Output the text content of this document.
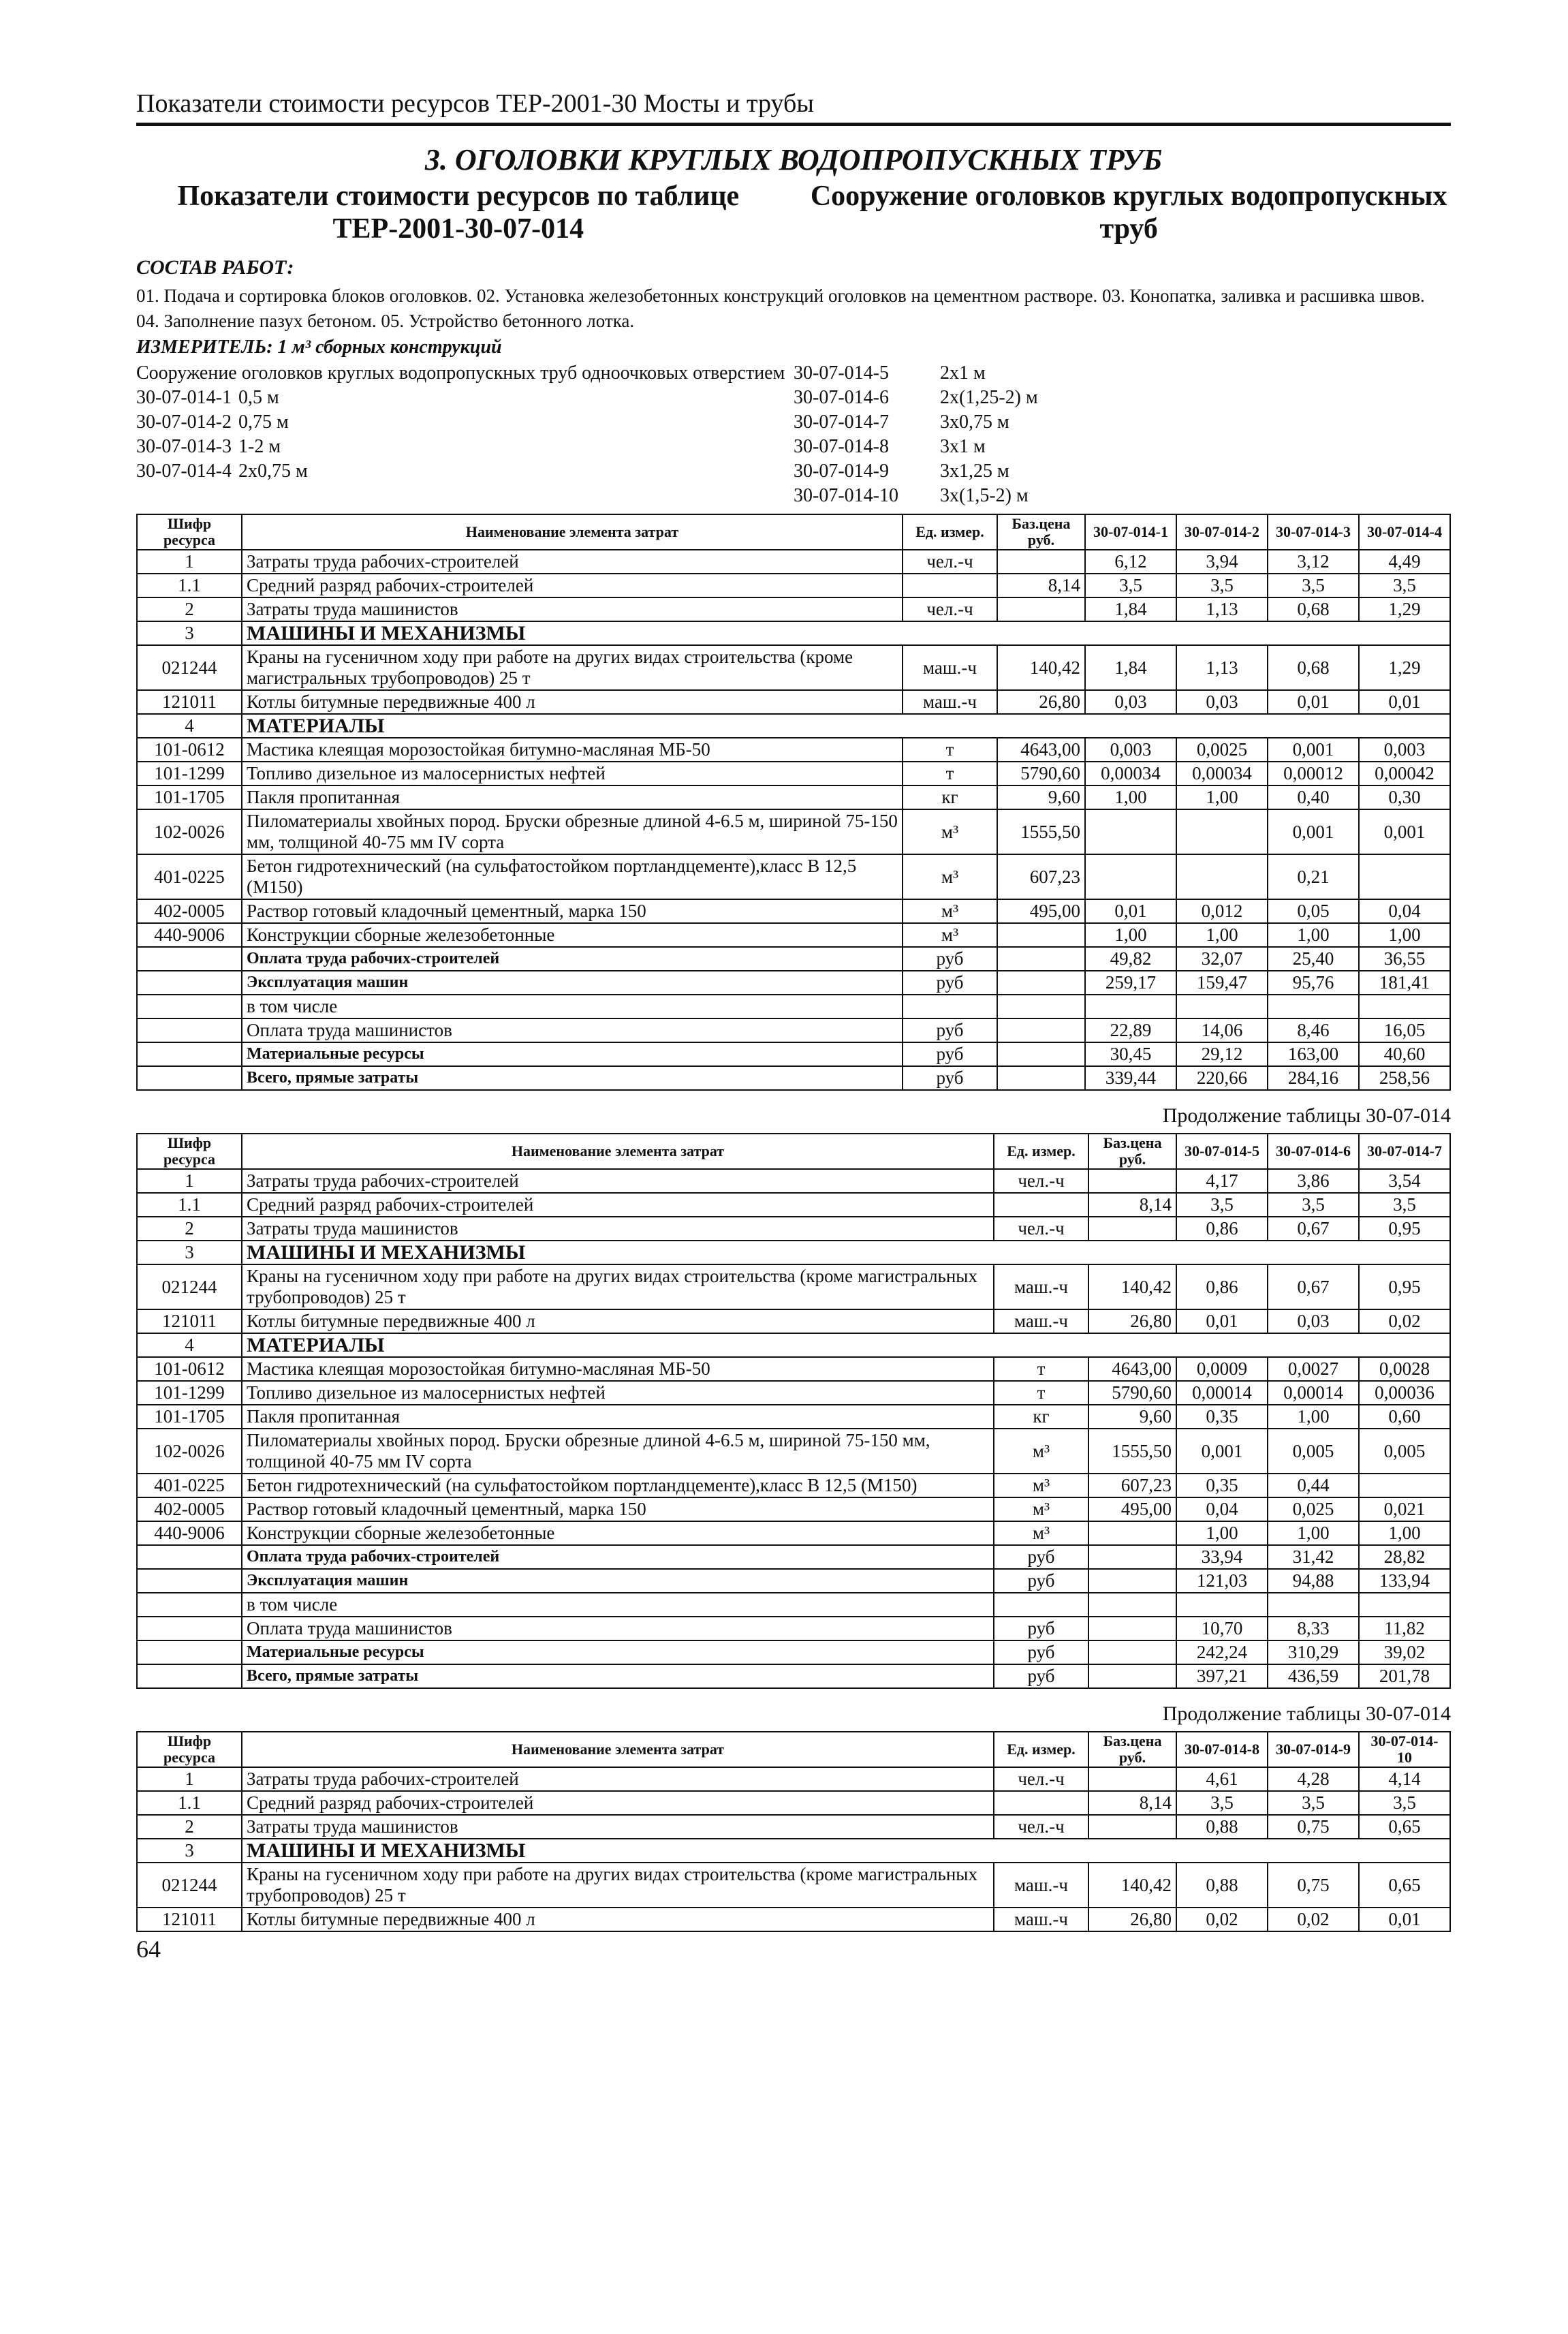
Показатели стоимости ресурсов ТЕР-2001-30 Мосты и трубы
3. ОГОЛОВКИ КРУГЛЫХ ВОДОПРОПУСКНЫХ ТРУБ
Показатели стоимости ресурсов по таблице ТЕР-2001-30-07-014
Сооружение оголовков круглых водопропускных труб
СОСТАВ РАБОТ:
01. Подача и сортировка блоков оголовков. 02. Установка железобетонных конструкций оголовков на цементном растворе. 03. Конопатка, заливка и расшивка швов. 04. Заполнение пазух бетоном. 05. Устройство бетонного лотка.
ИЗМЕРИТЕЛЬ: 1 м³ сборных конструкций
Сооружение оголовков круглых водопропускных труб одноочковых отверстием
30-07-014-1 0,5 м
30-07-014-2 0,75 м
30-07-014-3 1-2 м
30-07-014-4 2х0,75 м
30-07-014-5	2х1 м
30-07-014-6	2х(1,25-2) м
30-07-014-7	3х0,75 м
30-07-014-8	3х1 м
30-07-014-9	3х1,25 м
30-07-014-10	3х(1,5-2) м
Шифр ресурса	Наименование элемента затрат	Ед. измер.	Баз.цена руб.	30-07-014-1	30-07-014-2	30-07-014-3	30-07-014-4
1	Затраты труда рабочих-строителей	чел.-ч		6,12	3,94	3,12	4,49
1.1	Средний разряд рабочих-строителей		8,14	3,5	3,5	3,5	3,5
2	Затраты труда машинистов	чел.-ч		1,84	1,13	0,68	1,29
3	МАШИНЫ И МЕХАНИЗМЫ						
021244	Краны на гусеничном ходу при работе на других видах строительства (кроме магистральных трубопроводов) 25 т	маш.-ч	140,42	1,84	1,13	0,68	1,29
121011	Котлы битумные передвижные 400 л	маш.-ч	26,80	0,03	0,03	0,01	0,01
4	МАТЕРИАЛЫ						
101-0612	Мастика клеящая морозостойкая битумно-масляная МБ-50	т	4643,00	0,003	0,0025	0,001	0,003
101-1299	Топливо дизельное из малосернистых нефтей	т	5790,60	0,00034	0,00034	0,00012	0,00042
101-1705	Пакля пропитанная	кг	9,60	1,00	1,00	0,40	0,30
102-0026	Пиломатериалы хвойных пород. Бруски обрезные длиной 4-6.5 м, шириной 75-150 мм, толщиной 40-75 мм IV сорта	м³	1555,50			0,001	0,001
401-0225	Бетон гидротехнический (на сульфатостойком портландцементе),класс В 12,5 (М150)	м³	607,23			0,21	
402-0005	Раствор готовый кладочный цементный, марка 150	м³	495,00	0,01	0,012	0,05	0,04
440-9006	Конструкции сборные железобетонные	м³		1,00	1,00	1,00	1,00
	Оплата труда рабочих-строителей	руб		49,82	32,07	25,40	36,55
	Эксплуатация машин	руб		259,17	159,47	95,76	181,41
	в том числе						
	Оплата труда машинистов	руб		22,89	14,06	8,46	16,05
	Материальные ресурсы	руб		30,45	29,12	163,00	40,60
	Всего, прямые затраты	руб		339,44	220,66	284,16	258,56
Продолжение таблицы 30-07-014
Шифр ресурса	Наименование элемента затрат	Ед. измер.	Баз.цена руб.	30-07-014-5	30-07-014-6	30-07-014-7
1	Затраты труда рабочих-строителей	чел.-ч		4,17	3,86	3,54
1.1	Средний разряд рабочих-строителей		8,14	3,5	3,5	3,5
2	Затраты труда машинистов	чел.-ч		0,86	0,67	0,95
3	МАШИНЫ И МЕХАНИЗМЫ					
021244	Краны на гусеничном ходу при работе на других видах строительства (кроме магистральных трубопроводов) 25 т	маш.-ч	140,42	0,86	0,67	0,95
121011	Котлы битумные передвижные 400 л	маш.-ч	26,80	0,01	0,03	0,02
4	МАТЕРИАЛЫ					
101-0612	Мастика клеящая морозостойкая битумно-масляная МБ-50	т	4643,00	0,0009	0,0027	0,0028
101-1299	Топливо дизельное из малосернистых нефтей	т	5790,60	0,00014	0,00014	0,00036
101-1705	Пакля пропитанная	кг	9,60	0,35	1,00	0,60
102-0026	Пиломатериалы хвойных пород. Бруски обрезные длиной 4-6.5 м, шириной 75-150 мм, толщиной 40-75 мм IV сорта	м³	1555,50	0,001	0,005	0,005
401-0225	Бетон гидротехнический (на сульфатостойком портландцементе),класс В 12,5 (М150)	м³	607,23	0,35	0,44	
402-0005	Раствор готовый кладочный цементный, марка 150	м³	495,00	0,04	0,025	0,021
440-9006	Конструкции сборные железобетонные	м³		1,00	1,00	1,00
	Оплата труда рабочих-строителей	руб		33,94	31,42	28,82
	Эксплуатация машин	руб		121,03	94,88	133,94
	в том числе					
	Оплата труда машинистов	руб		10,70	8,33	11,82
	Материальные ресурсы	руб		242,24	310,29	39,02
	Всего, прямые затраты	руб		397,21	436,59	201,78
Продолжение таблицы 30-07-014
Шифр ресурса	Наименование элемента затрат	Ед. измер.	Баз.цена руб.	30-07-014-8	30-07-014-9	30-07-014-10
1	Затраты труда рабочих-строителей	чел.-ч		4,61	4,28	4,14
1.1	Средний разряд рабочих-строителей		8,14	3,5	3,5	3,5
2	Затраты труда машинистов	чел.-ч		0,88	0,75	0,65
3	МАШИНЫ И МЕХАНИЗМЫ					
021244	Краны на гусеничном ходу при работе на других видах строительства (кроме магистральных трубопроводов) 25 т	маш.-ч	140,42	0,88	0,75	0,65
121011	Котлы битумные передвижные 400 л	маш.-ч	26,80	0,02	0,02	0,01
64
